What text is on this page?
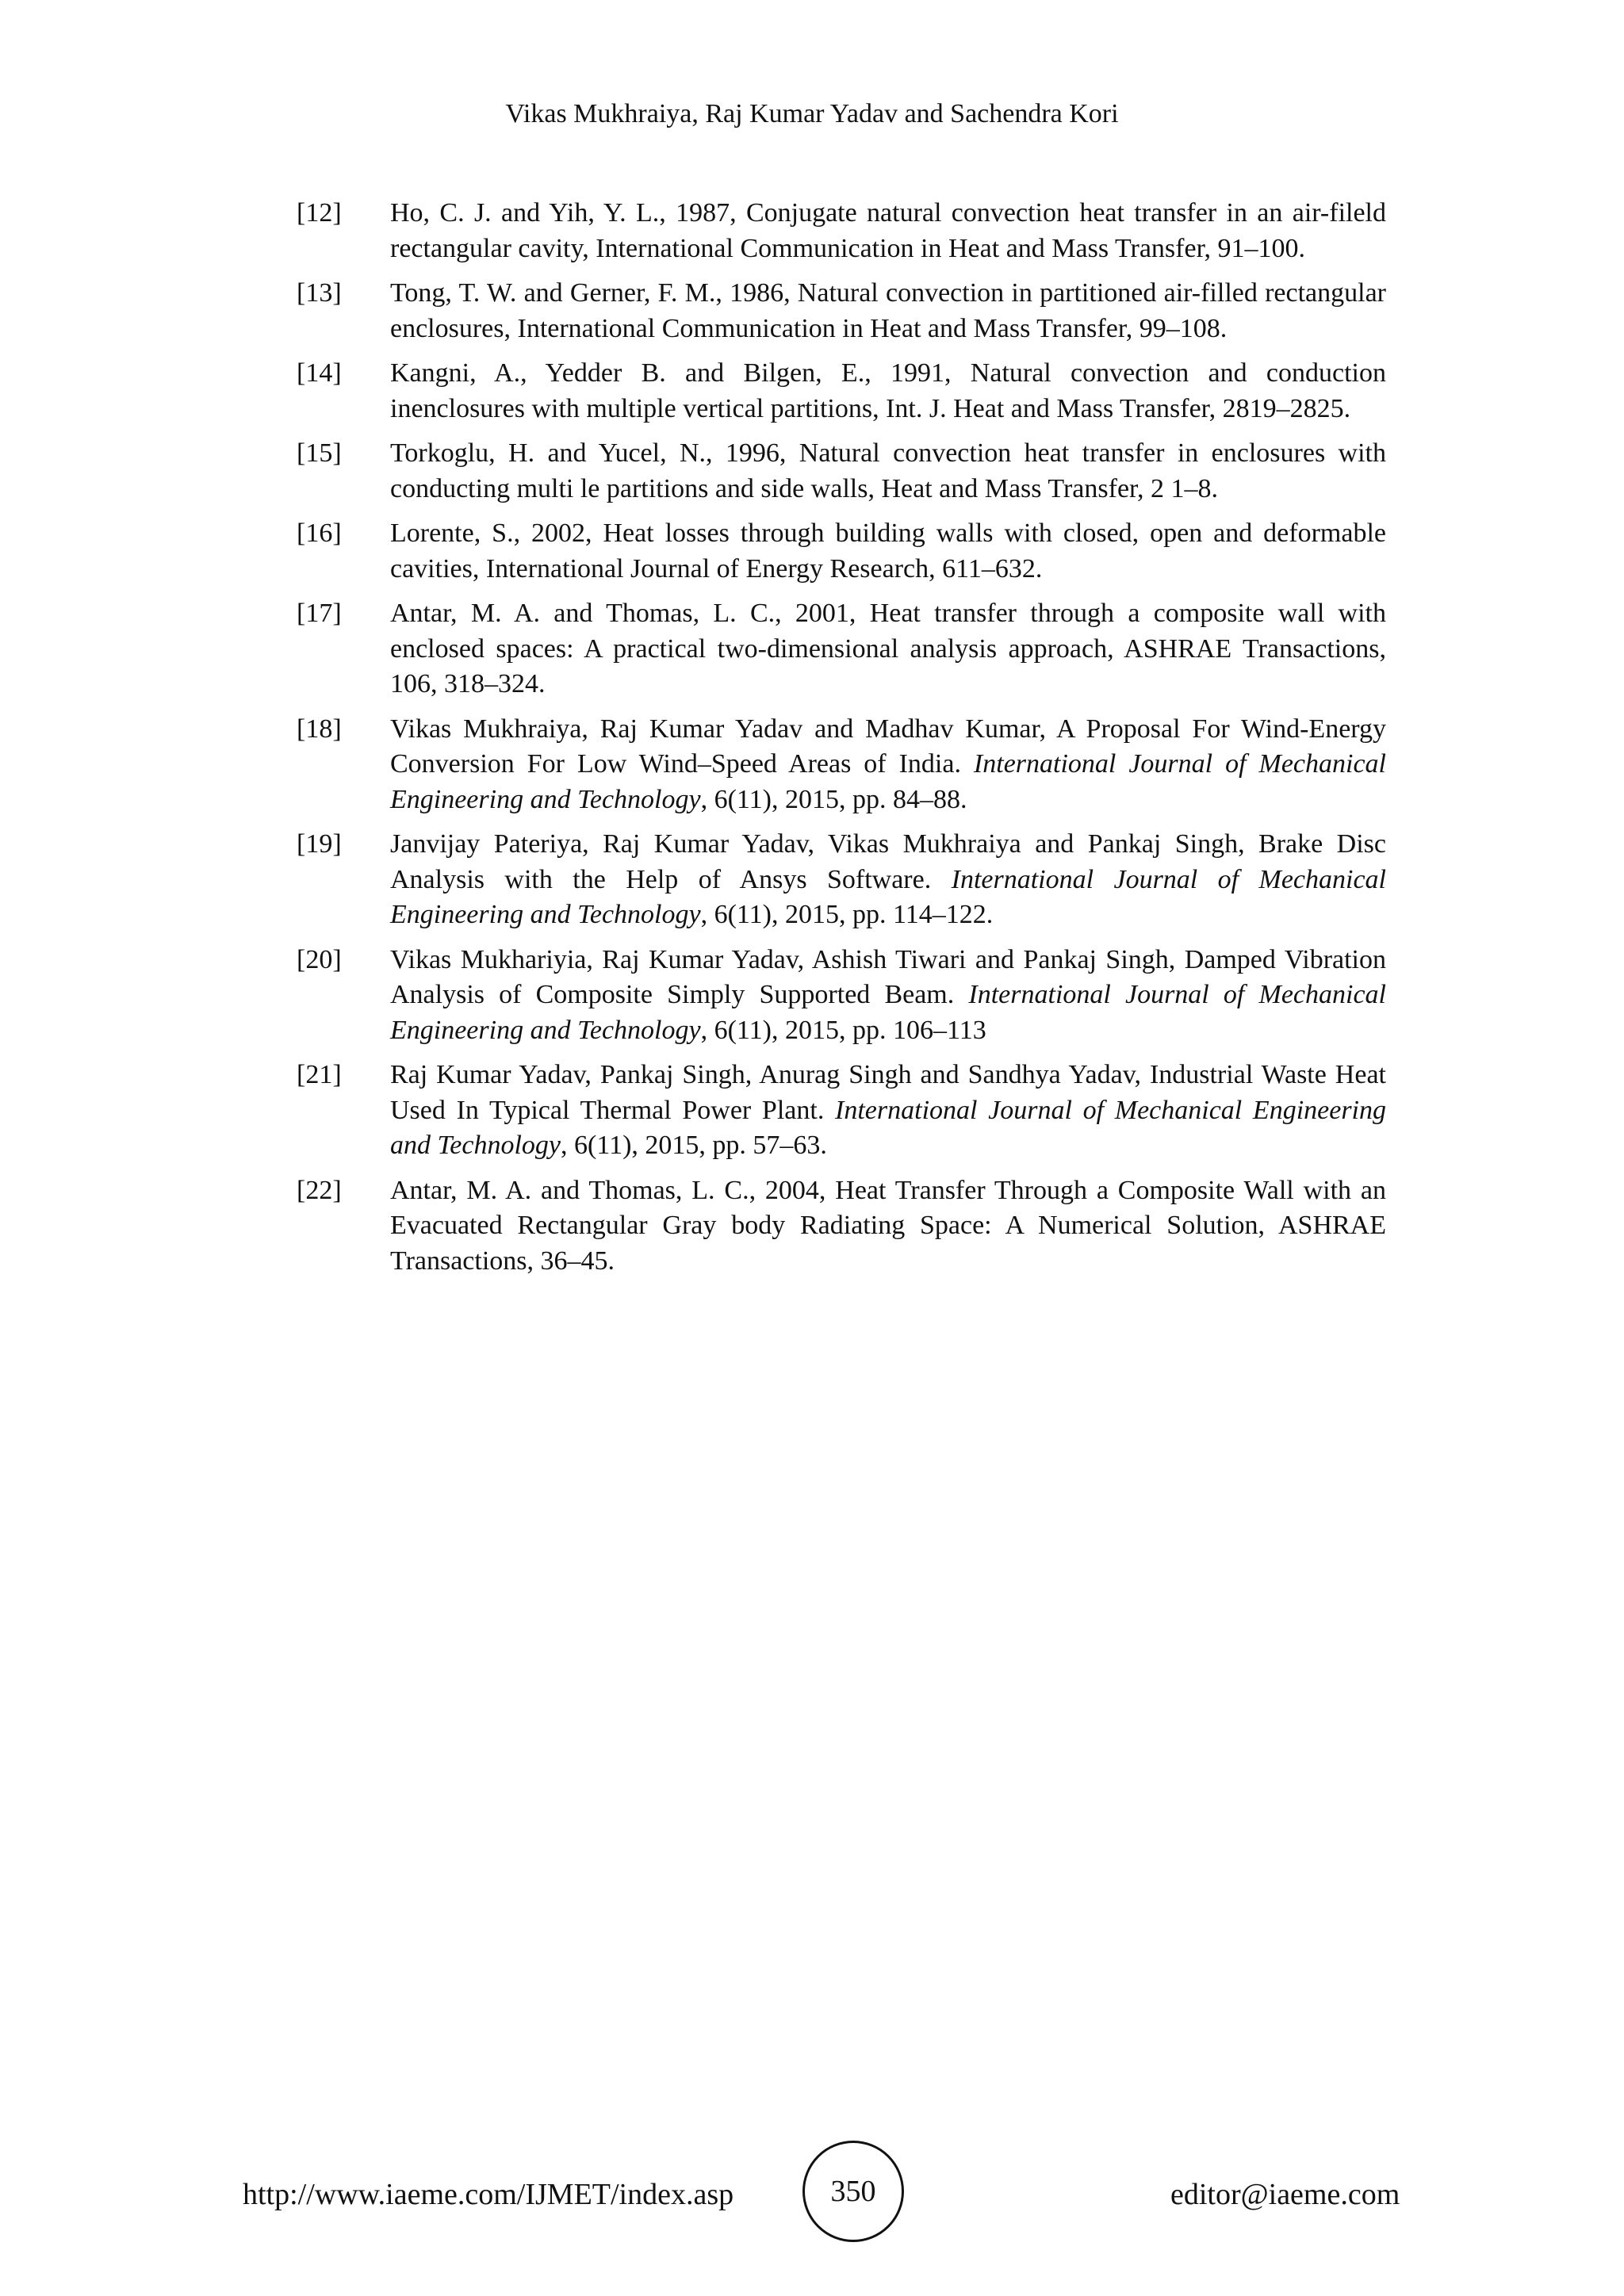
Vikas Mukhraiya, Raj Kumar Yadav and Sachendra Kori
[12]	Ho, C. J. and Yih, Y. L., 1987, Conjugate natural convection heat transfer in an air-fileld rectangular cavity, International Communication in Heat and Mass Transfer, 91–100.
[13]	Tong, T. W. and Gerner, F. M., 1986, Natural convection in partitioned air-filled rectangular enclosures, International Communication in Heat and Mass Transfer, 99–108.
[14]	Kangni, A., Yedder B. and Bilgen, E., 1991, Natural convection and conduction inenclosures with multiple vertical partitions, Int. J. Heat and Mass Transfer, 2819–2825.
[15]	Torkoglu, H. and Yucel, N., 1996, Natural convection heat transfer in enclosures with conducting multi le partitions and side walls, Heat and Mass Transfer, 2 1–8.
[16]	Lorente, S., 2002, Heat losses through building walls with closed, open and deformable cavities, International Journal of Energy Research, 611–632.
[17]	Antar, M. A. and Thomas, L. C., 2001, Heat transfer through a composite wall with enclosed spaces: A practical two-dimensional analysis approach, ASHRAE Transactions, 106, 318–324.
[18]	Vikas Mukhraiya, Raj Kumar Yadav and Madhav Kumar, A Proposal For Wind-Energy Conversion For Low Wind–Speed Areas of India. International Journal of Mechanical Engineering and Technology, 6(11), 2015, pp. 84–88.
[19]	Janvijay Pateriya, Raj Kumar Yadav, Vikas Mukhraiya and Pankaj Singh, Brake Disc Analysis with the Help of Ansys Software. International Journal of Mechanical Engineering and Technology, 6(11), 2015, pp. 114–122.
[20]	Vikas Mukhariyia, Raj Kumar Yadav, Ashish Tiwari and Pankaj Singh, Damped Vibration Analysis of Composite Simply Supported Beam. International Journal of Mechanical Engineering and Technology, 6(11), 2015, pp. 106–113
[21]	Raj Kumar Yadav, Pankaj Singh, Anurag Singh and Sandhya Yadav, Industrial Waste Heat Used In Typical Thermal Power Plant. International Journal of Mechanical Engineering and Technology, 6(11), 2015, pp. 57–63.
[22]	Antar, M. A. and Thomas, L. C., 2004, Heat Transfer Through a Composite Wall with an Evacuated Rectangular Gray body Radiating Space: A Numerical Solution, ASHRAE Transactions, 36–45.
http://www.iaeme.com/IJMET/index.asp	350	editor@iaeme.com
